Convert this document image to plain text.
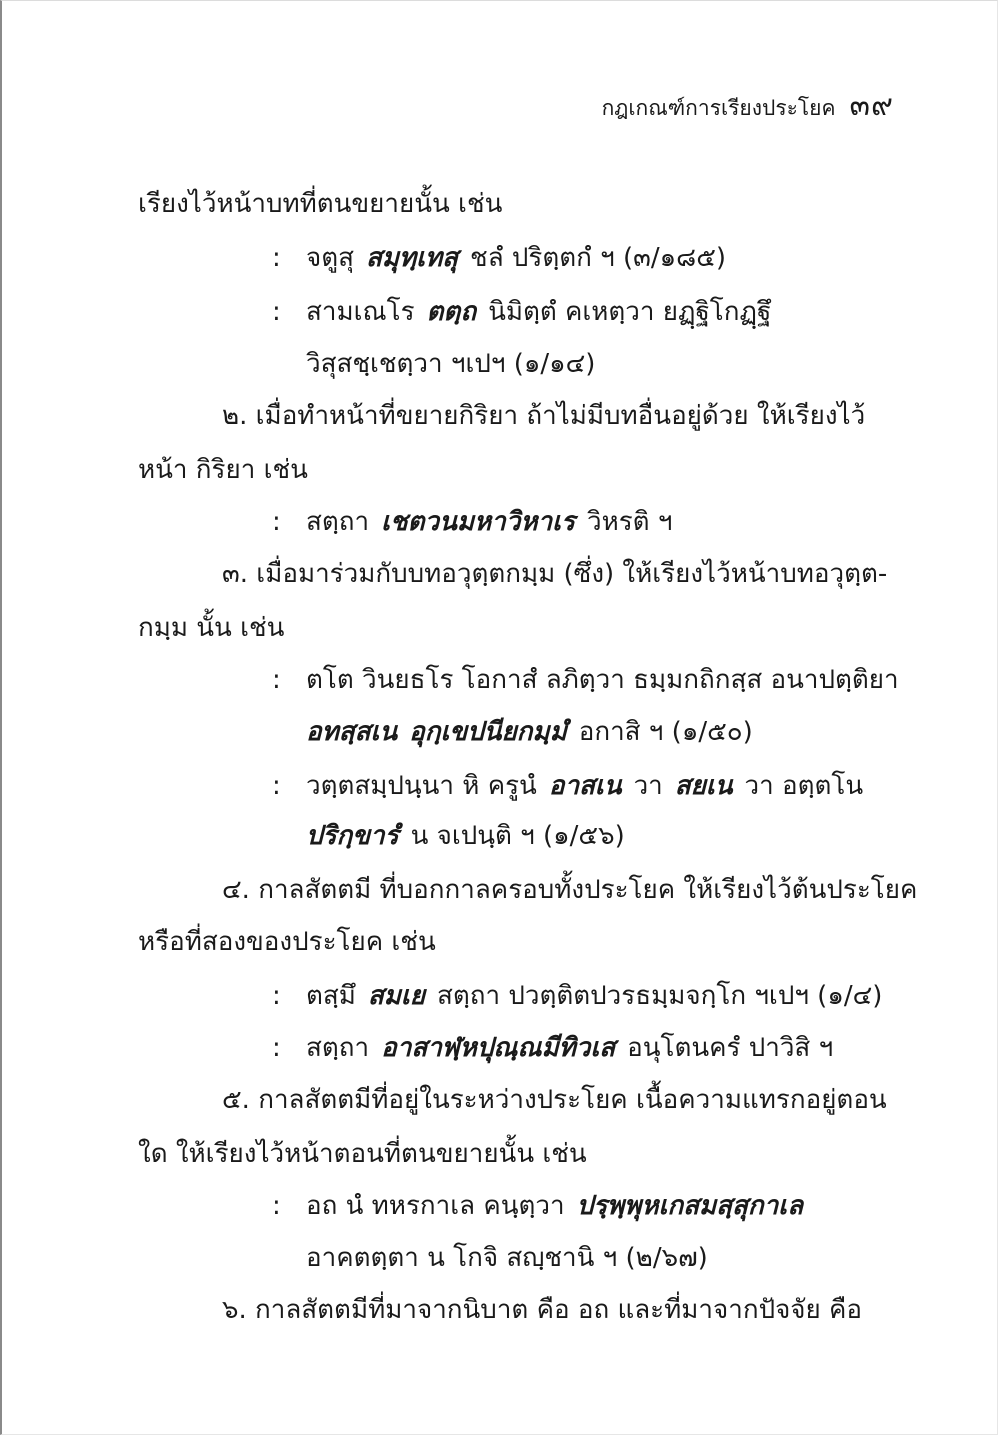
กฎเกณฑ์การเรียงประโยค ๓๙
เรียงไว้หน้าบทที่ตนขยายนั้น เช่น
: จตูสุ สมุทฺเทสุ ชลํ ปริตฺตกํ ฯ (๓/๑๘๕)
: สามเณโร ตตฺถ นิมิตฺตํ คเหตฺวา ยฏฺฐิโกฏฺฐึ
วิสุสชฺเชตฺวา ฯเปฯ (๑/๑๔)
๒. เมื่อทำหน้าที่ขยายกิริยา ถ้าไม่มีบทอื่นอยู่ด้วย ให้เรียงไว้
หน้า กิริยา เช่น
: สตฺถา เชตวนมหาวิหาเร วิหรติ ฯ
๓. เมื่อมาร่วมกับบทอวุตฺตกมฺม (ซึ่ง) ให้เรียงไว้หน้าบทอวุตฺต-
กมฺม นั้น เช่น
: ตโต วินยธโร โอกาสํ ลภิตฺวา ธมฺมกถิกสฺส อนาปตฺติยา
อทสฺสเน อุกฺเขปนียกมฺมํ อกาสิ ฯ (๑/๕๐)
: วตฺตสมฺปนฺนา หิ ครูนํ อาสเน วา สยเน วา อตฺตโน
ปริกฺขารํ น จเปนฺติ ฯ (๑/๕๖)
๔. กาลสัตตมี ที่บอกกาลครอบทั้งประโยค ให้เรียงไว้ต้นประโยค
หรือที่สองของประโยค เช่น
: ตสฺมึ สมเย สตฺถา ปวตฺติตปวรธมฺมจกฺโก ฯเปฯ (๑/๔)
: สตฺถา อาสาฬฺหปุณฺณมีทิวเส อนุโตนครํ ปาวิสิ ฯ
๕. กาลสัตตมีที่อยู่ในระหว่างประโยค เนื้อความแทรกอยู่ตอน
ใด ให้เรียงไว้หน้าตอนที่ตนขยายนั้น เช่น
: อถ นํ ทหรกาเล คนฺตฺวา ปรฺพฺพุหเกสมสฺสุกาเล
อาคตตฺตา น โกจิ สญฺชานิ ฯ (๒/๖๗)
๖. กาลสัตตมีที่มาจากนิบาต คือ อถ และที่มาจากปัจจัย คือ
